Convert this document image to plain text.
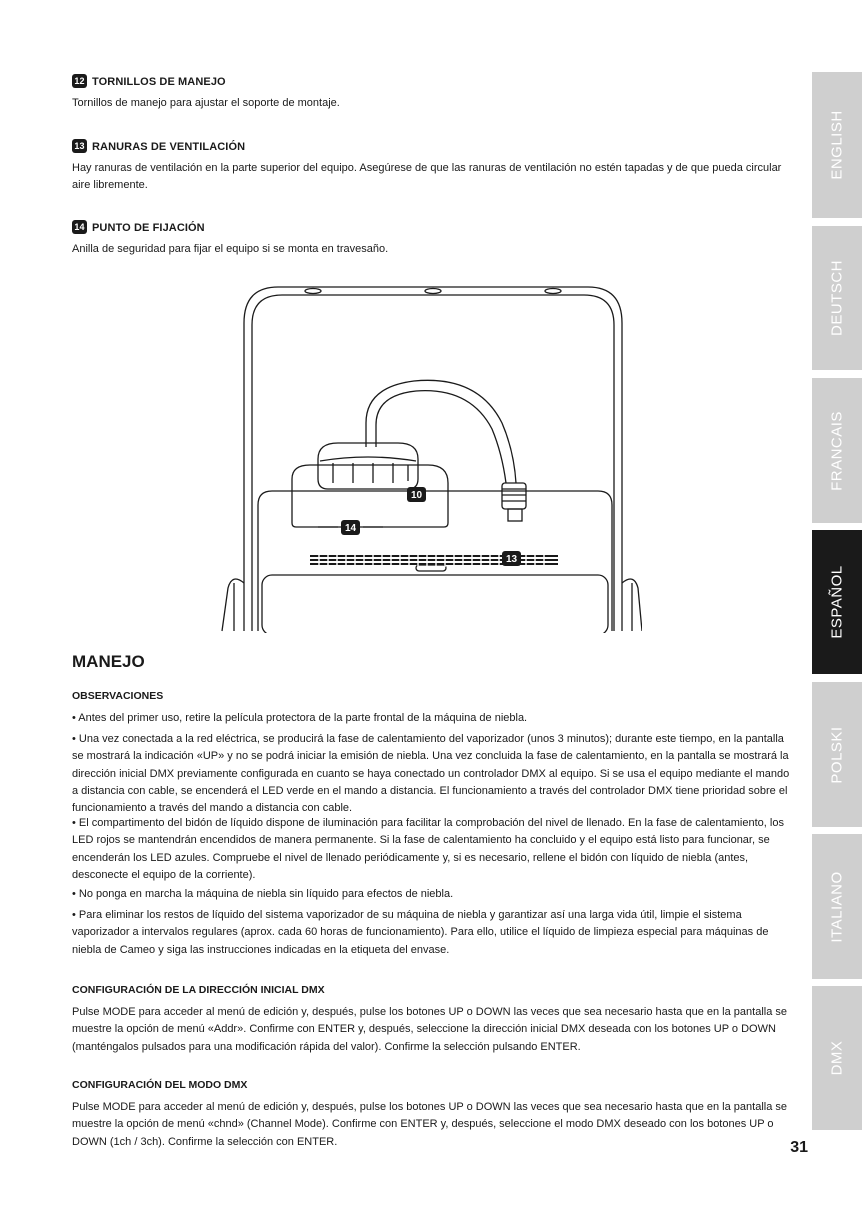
12 TORNILLOS DE MANEJO

Tornillos de manejo para ajustar el soporte de montaje.

13 RANURAS DE VENTILACIÓN

Hay ranuras de ventilación en la parte superior del equipo. Asegúrese de que las ranuras de ventilación no estén tapadas y de que pueda circular aire libremente.

14 PUNTO DE FIJACIÓN

Anilla de seguridad para fijar el equipo si se monta en travesaño.

MANEJO
OBSERVACIONES

• Antes del primer uso, retire la película protectora de la parte frontal de la máquina de niebla.

• Una vez conectada a la red eléctrica, se producirá la fase de calentamiento del vaporizador (unos 3 minutos); durante este tiempo, en la pantalla se mostrará la indicación «UP» y no se podrá iniciar la emisión de niebla. Una vez concluida la fase de calentamiento, en la pantalla se mostrará la dirección inicial DMX previamente configurada en cuanto se haya conectado un controlador DMX al equipo. Si se usa el equipo mediante el mando a distancia con cable, se encenderá el LED verde en el mando a distancia. El funcionamiento a través del controlador DMX tiene prioridad sobre el funcionamiento a través del mando a distancia con cable.

• El compartimento del bidón de líquido dispone de iluminación para facilitar la comprobación del nivel de llenado. En la fase de calentamiento, los LED rojos se mantendrán encendidos de manera permanente. Si la fase de calentamiento ha concluido y el equipo está listo para funcionar, se encenderán los LED azules. Compruebe el nivel de llenado periódicamente y, si es necesario, rellene el bidón con líquido de niebla (antes, desconecte el equipo de la corriente).

• No ponga en marcha la máquina de niebla sin líquido para efectos de niebla.

• Para eliminar los restos de líquido del sistema vaporizador de su máquina de niebla y garantizar así una larga vida útil, limpie el sistema vaporizador a intervalos regulares (aprox. cada 60 horas de funcionamiento). Para ello, utilice el líquido de limpieza especial para máquinas de niebla de Cameo y siga las instrucciones indicadas en la etiqueta del envase.

CONFIGURACIÓN DE LA DIRECCIÓN INICIAL DMX

Pulse MODE para acceder al menú de edición y, después, pulse los botones UP o DOWN las veces que sea necesario hasta que en la pantalla se muestre la opción de menú «Addr». Confirme con ENTER y, después, seleccione la dirección inicial DMX deseada con los botones UP o DOWN (manténgalos pulsados para una modificación rápida del valor). Confirme la selección pulsando ENTER.

CONFIGURACIÓN DEL MODO DMX

Pulse MODE para acceder al menú de edición y, después, pulse los botones UP o DOWN las veces que sea necesario hasta que en la pantalla se muestre la opción de menú «chnd» (Channel Mode). Confirme con ENTER y, después, seleccione el modo DMX deseado con los botones UP o DOWN (1ch / 3ch). Confirme la selección con ENTER.

10
14
13
ENGLISH
DEUTSCH
FRANCAIS
ESPAÑOL
POLSKI
ITALIANO
DMX
31
